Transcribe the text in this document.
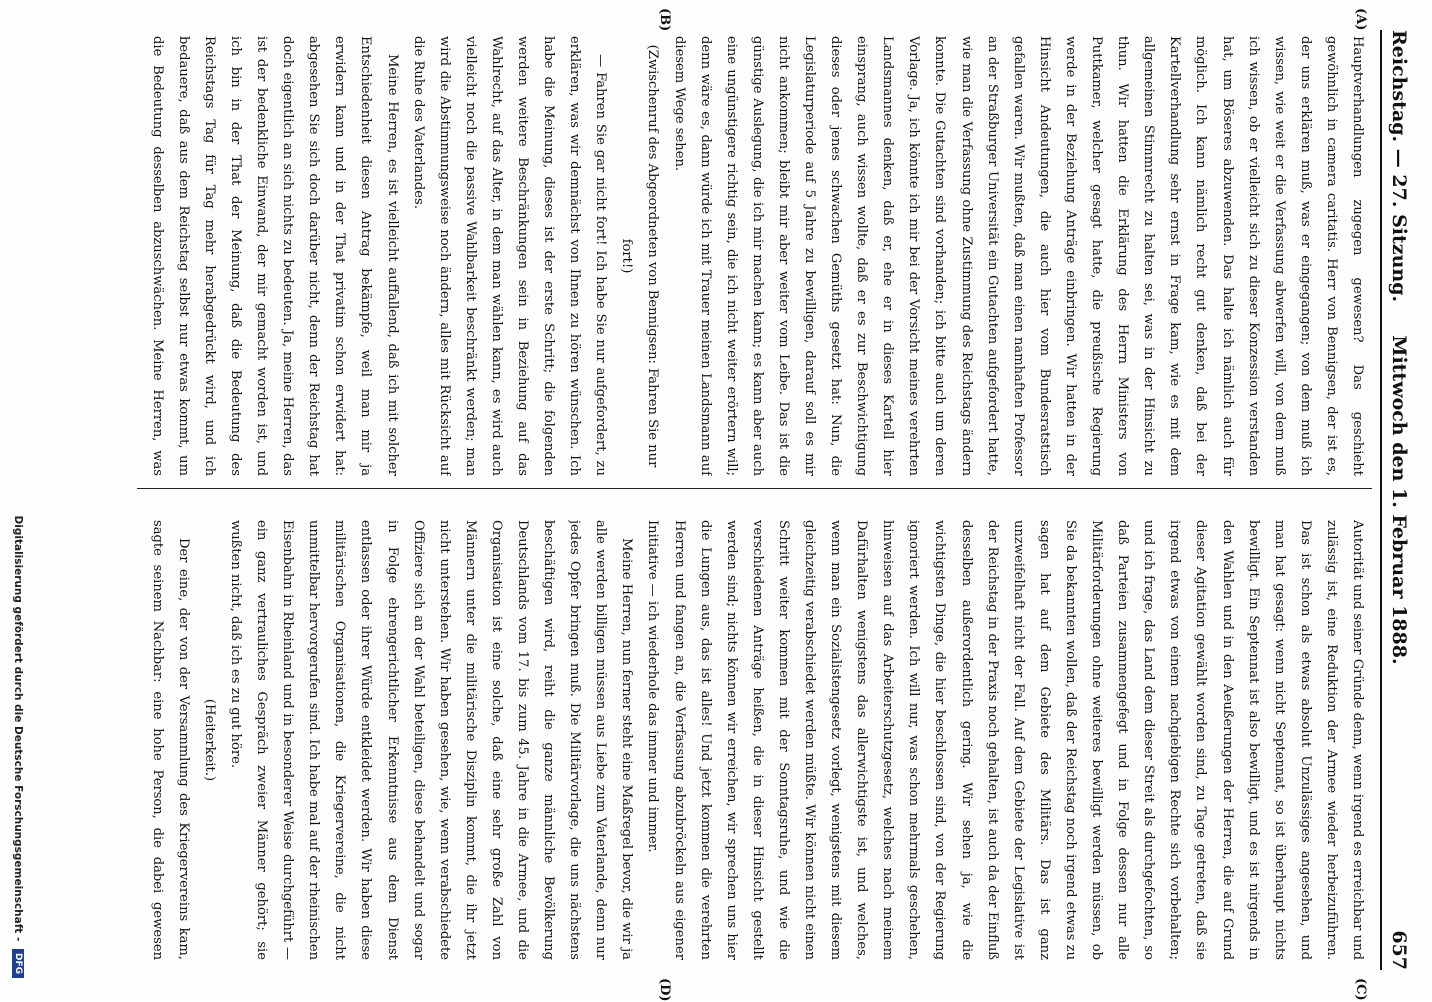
Reichstag. — 27. Sitzung.
Mittwoch den 1. Februar 1888.
657
(A)
(B)
(C)
(D)

Hauptverhandlungen zugegen gewesen? Das geschieht gewöhnlich in camera caritatis. Herr von Bennigsen, der ist es, der uns erklären muß, was er eingegangen; von dem muß ich wissen, wie weit er die Verfassung abwerfen will, von dem muß ich wissen, ob er vielleicht sich zu dieser Konzession verstanden hat, um Böseres abzuwenden. Das halte ich nämlich auch für möglich. Ich kann nämlich recht gut denken, daß bei der Kartellverhandlung sehr ernst in Frage kam, wie es mit dem allgemeinen Stimmrecht zu halten sei, was in der Hinsicht zu thun. Wir hatten die Erklärung des Herrn Ministers von Puttkamer, welcher gesagt hatte, die preußische Regierung werde in der Beziehung Anträge einbringen. Wir hatten in der Hinsicht Andeutungen, die auch hier vom Bundesratstisch gefallen waren. Wir mußten, daß man einen namhaften Professor an der Straßburger Universität ein Gutachten aufgefordert hatte, wie man die Verfassung ohne Zustimmung des Reichstags ändern konnte. Die Gutachten sind vorhanden; ich bitte auch um deren Vorlage. Ja, ich könnte ich mir bei der Vorsicht meines verehrten Landsmannes denken, daß er, ehe er in dieses Kartell hier einsprang, auch wissen wollte, daß er es zur Beschwichtigung dieses oder jenes schwachen Gemüths gesetzt hat: Nun, die Legislaturperiode auf 5 Jahre zu bewilligen, darauf soll es mir nicht ankommen; bleibt mir aber weiter vom Leibe. Das ist die günstige Auslegung, die ich mir machen kann; es kann aber auch eine ungünstigere richtig sein, die ich nicht weiter erörtern will; denn wäre es, dann würde ich mit Trauer meinen Landsmann auf diesem Wege sehen.

(Zwischenruf des Abgeordneten von Bennigsen: Fahren Sie nur fort!)

— Fahren Sie gar nicht fort! Ich habe Sie nur aufgefordert, zu erklären, was wir demnächst von Ihnen zu hören wünschen. Ich habe die Meinung, dieses ist der erste Schritt; die folgenden werden weitere Beschränkungen sein in Beziehung auf das Wahlrecht, auf das Alter, in dem man wählen kann, es wird auch vielleicht noch die passive Wahlbarkeit beschränkt werden; man wird die Abstimmungsweise noch ändern, alles mit Rücksicht auf die Ruhe des Vaterlandes.

Meine Herren, es ist vielleicht auffallend, daß ich mit solcher Entschiedenheit diesen Antrag bekämpfe, weil man mir ja erwidern kann und in der That privatim schon erwidert hat: abgesehen Sie sich doch darüber nicht, denn der Reichstag hat doch eigentlich an sich nichts zu bedeuten. Ja, meine Herren, das ist der bedenkliche Einwand, der mir gemacht worden ist, und ich bin in der That der Meinung, daß die Bedeutung des Reichstags Tag für Tag mehr herabgedrückt wird, und ich bedauere, daß aus dem Reichstag selbst nur etwas kommt, um die Bedeutung desselben abzuschwächen. Meine Herren, was

Autorität und seiner Gründe denn, wenn irgend es erreichbar und zulässig ist, eine Reduktion der Armee wieder herbeizuführen. Das ist schon als etwas absolut Unzulässiges angesehen, und man hat gesagt: wenn nicht Septennat, so ist überhaupt nichts bewilligt. Ein Septennat ist also bewilligt, und es ist nirgends in den Wahlen und in den Aeußerungen der Herren, die auf Grund dieser Agitation gewählt worden sind, zu Tage getreten, daß sie irgend etwas von einem nachgiebigen Rechte sich vorbehalten; und ich frage, das Land dem dieser Streit als durchgefochten, so daß Parteien zusammengefegt und in Folge dessen nur alle Militärforderungen ohne weiteres bewilligt werden müssen, ob Sie da bekannten wollen, daß der Reichstag noch irgend etwas zu sagen hat auf dem Gebiete des Militärs. Das ist ganz unzweifelhaft nicht der Fall. Auf dem Gebiete der Legislative ist der Reichstag in der Praxis noch gehalten, ist auch da der Einfluß desselben außerordentlich gering. Wir sehen ja, wie die wichtigsten Dinge, die hier beschlossen sind, von der Regierung ignoriert werden. Ich will nur, was schon mehrmals geschehen, hinweisen auf das Arbeiterschutzgesetz, welches nach meinem Dafürhalten wenigstens das allerwichtigste ist, und welches, wenn man ein Sozialistengesetz vorlegt, wenigstens mit diesem gleichzeitig verabschiedet werden müßte. Wir können nicht einen Schritt weiter kommen mit der Sonntagsruhe, und wie die verschiedenen Anträge heißen, die in dieser Hinsicht gestellt werden sind; nichts können wir erreichen, wir sprechen uns hier die Lungen aus, das ist alles! Und jetzt kommen die verehrten Herren und fangen an, die Verfassung abzubröckeln aus eigener Initiative — ich wiederhole das immer und immer.

Meine Herren, nun ferner steht eine Maßregel bevor, die wir ja alle werden billigen müssen aus Liebe zum Vaterlande, denn nur jedes Opfer bringen muß. Die Militärvorlage, die uns nächstens beschäftigen wird, reiht die ganze männliche Bevölkerung Deutschlands vom 17. bis zum 45. Jahre in die Armee, und die Organisation ist eine solche, daß eine sehr große Zahl von Männern unter die militärische Disziplin kommt, die ihr jetzt nicht unterstehen. Wir haben gesehen, wie, wenn verabschiedete Offiziere sich an der Wahl beteiligen, diese behandelt und sogar in Folge ehrengerichtlicher Erkenntnisse aus dem Dienst entlassen oder ihrer Würde entkleidet werden. Wir haben diese militärischen Organisationen, die Kriegervereine, die nicht unmittelbar hervorgerufen sind. Ich habe mal auf der rheinischen Eisenbahn in Rheinland und in besonderer Weise durchgeführt — ein ganz vertrauliches Gespräch zweier Männer gehört; sie wußten nicht, daß ich es zu gut höre.

(Heiterkeit.)

Der eine, der von der Versammlung des Kriegervereins kam, sagte seinem Nachbar: eine hohe Person, die dabei gewesen

Digitalisierung gefördert durch die Deutsche Forschungsgemeinschaft - DFG
